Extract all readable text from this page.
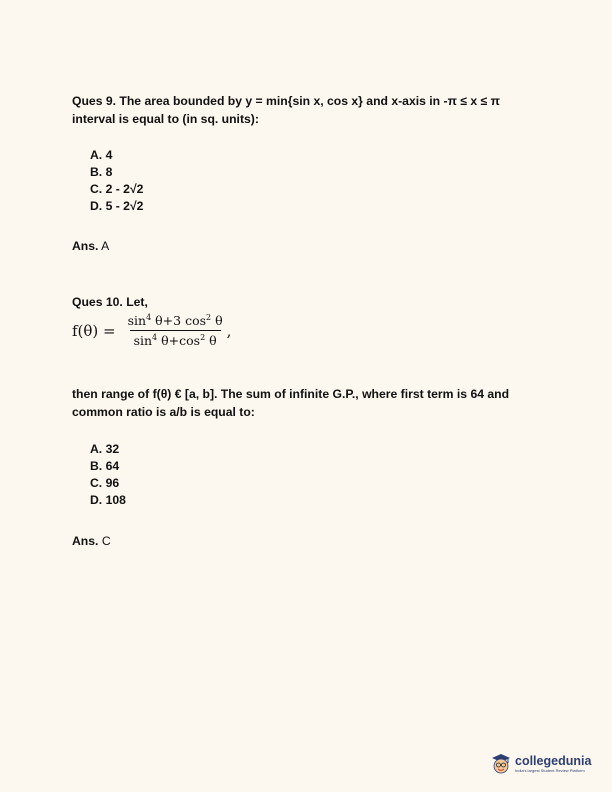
Ques 9. The area bounded by y = min{sin x, cos x} and x-axis in -π ≤ x ≤ π interval is equal to (in sq. units):
A. 4
B. 8
C. 2 - 2√2
D. 5 - 2√2
Ans. A
Ques 10. Let,
$f(\theta) = \frac{\sin^4 \theta+3 \cos^2 \theta}{\sin^4 \theta+\cos^2 \theta}$ ,
then range of f(θ) € [a, b]. The sum of infinite G.P., where first term is 64 and common ratio is a/b is equal to:
A. 32
B. 64
C. 96
D. 108
Ans. C
collegedunia
India's largest Student Review Platform
